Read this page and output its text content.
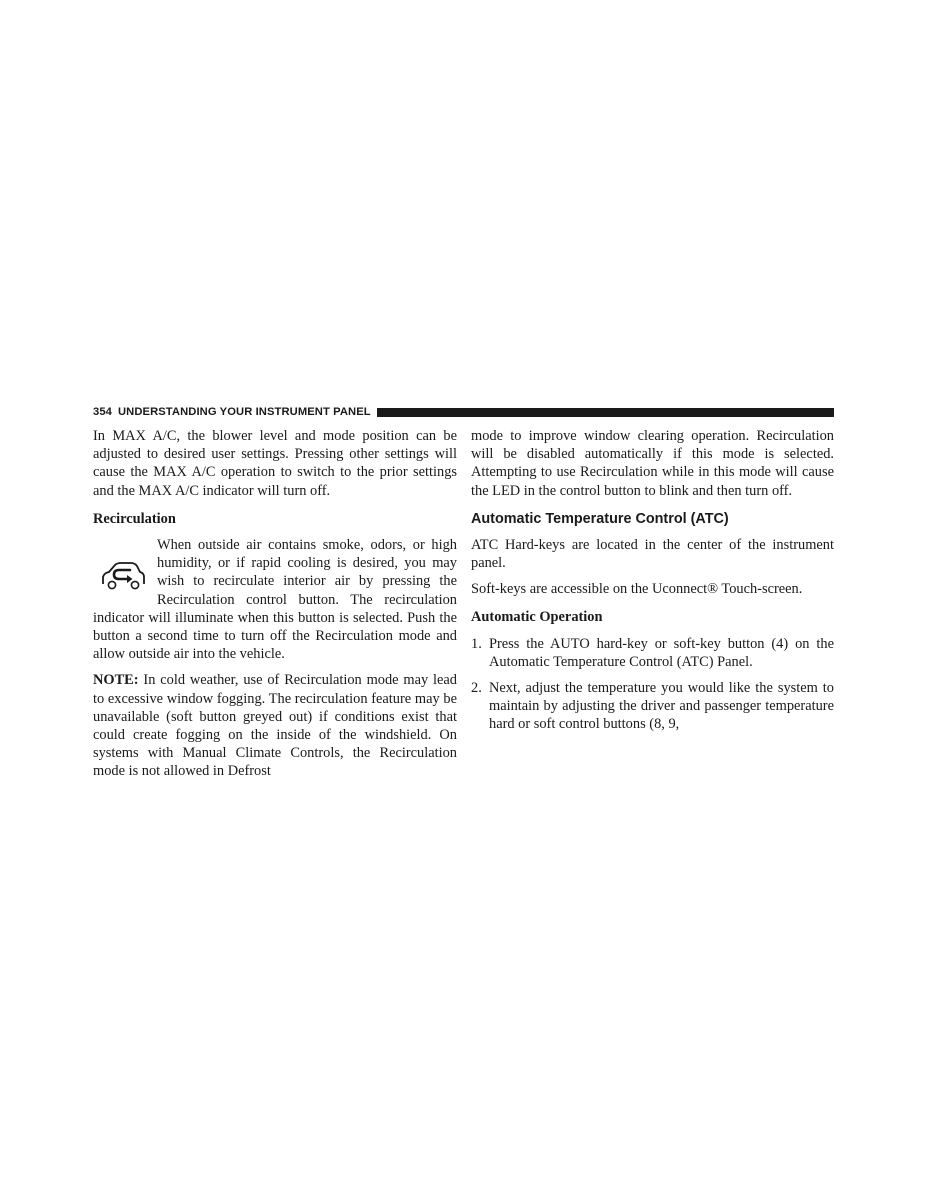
354 UNDERSTANDING YOUR INSTRUMENT PANEL

In MAX A/C, the blower level and mode position can be adjusted to desired user settings. Pressing other settings will cause the MAX A/C operation to switch to the prior settings and the MAX A/C indicator will turn off.

Recirculation

When outside air contains smoke, odors, or high humidity, or if rapid cooling is desired, you may wish to recirculate interior air by pressing the Recirculation control button. The recirculation indicator will illuminate when this button is selected. Push the button a second time to turn off the Recirculation mode and allow outside air into the vehicle.

NOTE: In cold weather, use of Recirculation mode may lead to excessive window fogging. The recirculation feature may be unavailable (soft button greyed out) if conditions exist that could create fogging on the inside of the windshield. On systems with Manual Climate Controls, the Recirculation mode is not allowed in Defrost

mode to improve window clearing operation. Recirculation will be disabled automatically if this mode is selected. Attempting to use Recirculation while in this mode will cause the LED in the control button to blink and then turn off.

Automatic Temperature Control (ATC)

ATC Hard-keys are located in the center of the instrument panel.

Soft-keys are accessible on the Uconnect® Touch-screen.

Automatic Operation
1. Press the AUTO hard-key or soft-key button (4) on the Automatic Temperature Control (ATC) Panel.
2. Next, adjust the temperature you would like the system to maintain by adjusting the driver and passenger temperature hard or soft control buttons (8, 9,
